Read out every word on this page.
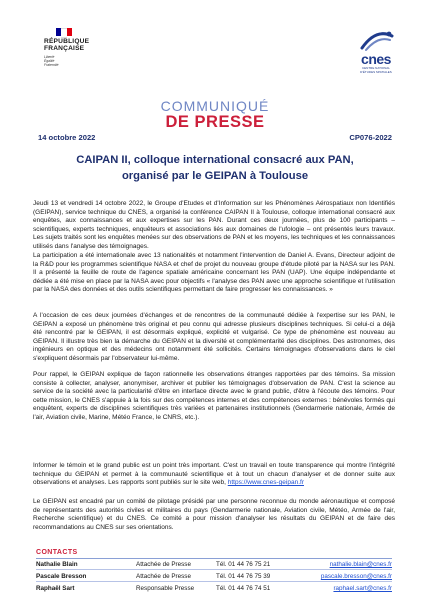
RÉPUBLIQUE
FRANÇAISE
Liberté
Égalité
Fraternité	cnes
CENTRE NATIONAL
D'ÉTUDES SPATIALES
COMMUNIQUÉ
DE PRESSE
14 octobre 2022	CP076-2022
CAIPAN II, colloque international consacré aux PAN,
organisé par le GEIPAN à Toulouse
Jeudi 13 et vendredi 14 octobre 2022, le Groupe d'Etudes et d'Information sur les Phénomènes Aérospatiaux non Identifiés (GEIPAN), service technique du CNES, a organisé la conférence CAIPAN II à Toulouse, colloque international consacré aux enquêtes, aux connaissances et aux expertises sur les PAN. Durant ces deux journées, plus de 100 participants – scientifiques, experts techniques, enquêteurs et associations liés aux domaines de l'ufologie – ont présentés leurs travaux. Les sujets traités sont les enquêtes menées sur des observations de PAN et les moyens, les techniques et les connaissances utilisés dans l'analyse des témoignages.
La participation a été internationale avec 13 nationalités et notamment l'intervention de Daniel A. Evans, Directeur adjoint de la R&D pour les programmes scientifique NASA et chef de projet du nouveau groupe d'étude piloté par la NASA sur les PAN. Il a présenté la feuille de route de l'agence spatiale américaine concernant les PAN (UAP). Une équipe indépendante et dédiée a été mise en place par la NASA avec pour objectifs « l'analyse des PAN avec une approche scientifique et l'utilisation par la NASA des données et des outils scientifiques permettant de faire progresser les connaissances. »
A l'occasion de ces deux journées d'échanges et de rencontres de la communauté dédiée à l'expertise sur les PAN, le GEIPAN a exposé un phénomène très original et peu connu qui adresse plusieurs disciplines techniques. Si celui-ci a déjà été rencontré par le GEIPAN, il est désormais expliqué, explicité et vulgarisé. Ce type de phénomène est nouveau au GEIPAN. Il illustre très bien la démarche du GEIPAN et la diversité et complémentarité des disciplines. Des astronomes, des ingénieurs en optique et des médecins ont notamment été sollicités. Certains témoignages d'observations dans le ciel s'expliquent désormais par l'observateur lui-même.
Pour rappel, le GEIPAN explique de façon rationnelle les observations étranges rapportées par des témoins. Sa mission consiste à collecter, analyser, anonymiser, archiver et publier les témoignages d'observation de PAN. C'est la science au service de la société avec la particularité d'être en interface directe avec le grand public, d'être à l'écoute des témoins. Pour cette mission, le CNES s'appuie à la fois sur des compétences internes et des compétences externes : bénévoles formés qui enquêtent, experts de disciplines scientifiques très variées et partenaires institutionnels (Gendarmerie nationale, Armée de l'air, Aviation civile, Marine, Météo France, le CNRS, etc.).
Informer le témoin et le grand public est un point très important. C'est un travail en toute transparence qui montre l'intégrité technique du GEIPAN et permet à la communauté scientifique et à tout un chacun d'analyser et de donner suite aux observations et analyses. Les rapports sont publiés sur le site web, https://www.cnes-geipan.fr
Le GEIPAN est encadré par un comité de pilotage présidé par une personne reconnue du monde aéronautique et composé de représentants des autorités civiles et militaires du pays (Gendarmerie nationale, Aviation civile, Météo, Armée de l'air, Recherche scientifique) et du CNES. Ce comité a pour mission d'analyser les résultats du GEIPAN et de faire des recommandations au CNES sur ses orientations.
CONTACTS
Nathalie Blain	Attachée de Presse	Tél. 01 44 76 75 21	nathalie.blain@cnes.fr
Pascale Bresson	Attachée de Presse	Tél. 01 44 76 75 39	pascale.bresson@cnes.fr
Raphaël Sart	Responsable Presse	Tél. 01 44 76 74 51	raphael.sart@cnes.fr
